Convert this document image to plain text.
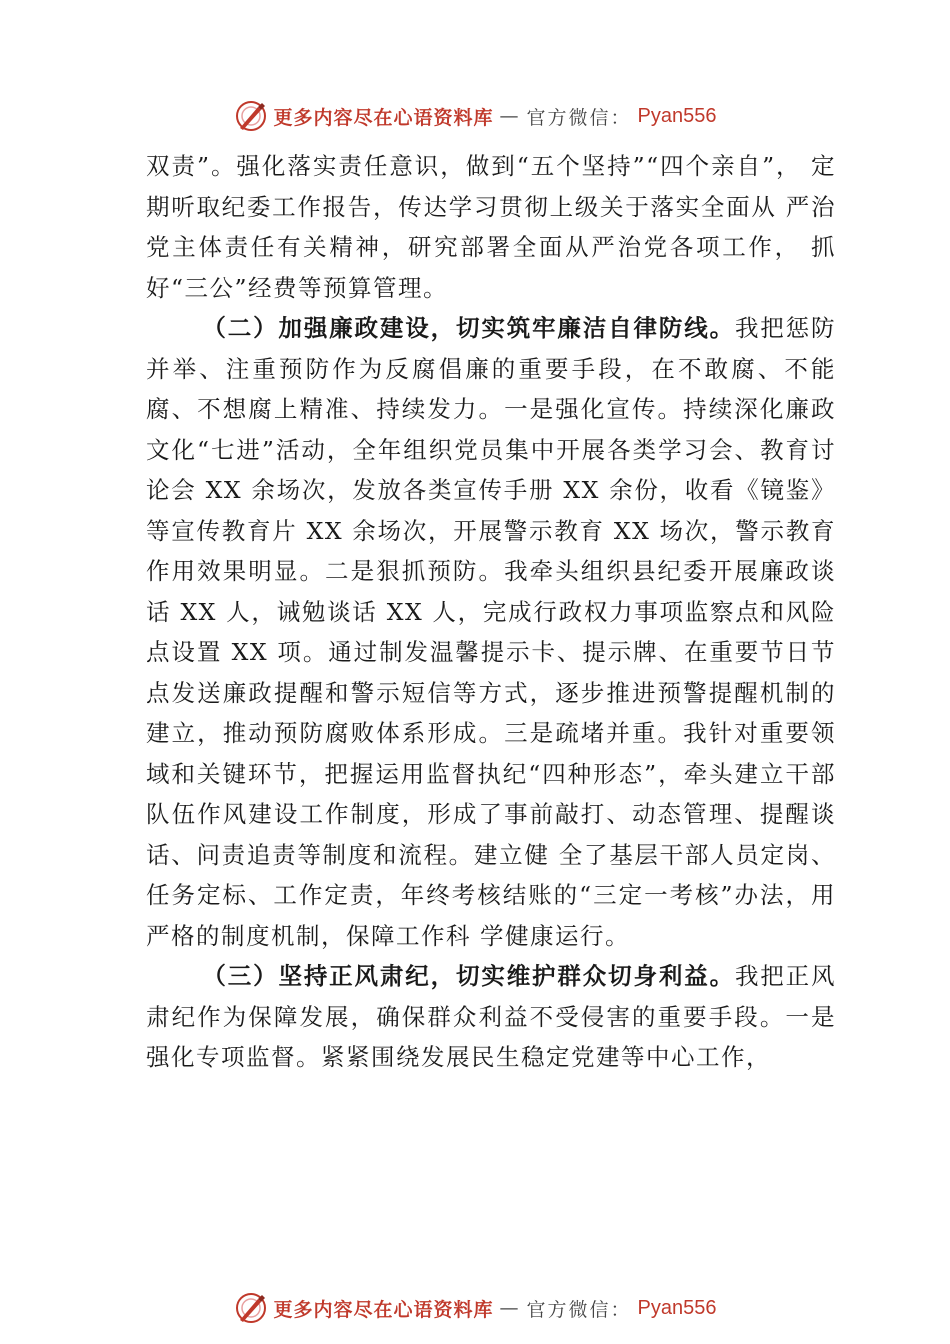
更多内容尽在心语资料库 — 官方微信： Pyan556

双责”。强化落实责任意识，做到“五个坚持”“四个亲自”， 定期听取纪委工作报告，传达学习贯彻上级关于落实全面从 严治党主体责任有关精神，研究部署全面从严治党各项工作， 抓好“三公”经费等预算管理。

（二）加强廉政建设，切实筑牢廉洁自律防线。我把惩防并举、注重预防作为反腐倡廉的重要手段，在不敢腐、不能腐、不想腐上精准、持续发力。一是强化宣传。持续深化廉政文化“七进”活动，全年组织党员集中开展各类学习会、教育讨论会 XX 余场次，发放各类宣传手册 XX 余份，收看《镜鉴》等宣传教育片 XX 余场次，开展警示教育 XX 场次，警示教育作用效果明显。二是狠抓预防。我牵头组织县纪委开展廉政谈话 XX 人，诫勉谈话 XX 人，完成行政权力事项监察点和风险点设置 XX 项。通过制发温馨提示卡、提示牌、在重要节日节点发送廉政提醒和警示短信等方式，逐步推进预警提醒机制的建立，推动预防腐败体系形成。三是疏堵并重。我针对重要领域和关键环节，把握运用监督执纪“四种形态”，牵头建立干部队伍作风建设工作制度，形成了事前敲打、动态管理、提醒谈话、问责追责等制度和流程。建立健 全了基层干部人员定岗、任务定标、工作定责，年终考核结账的“三定一考核”办法，用严格的制度机制，保障工作科 学健康运行。

（三）坚持正风肃纪，切实维护群众切身利益。我把正风肃纪作为保障发展，确保群众利益不受侵害的重要手段。一是强化专项监督。紧紧围绕发展民生稳定党建等中心工作，

更多内容尽在心语资料库 — 官方微信： Pyan556
